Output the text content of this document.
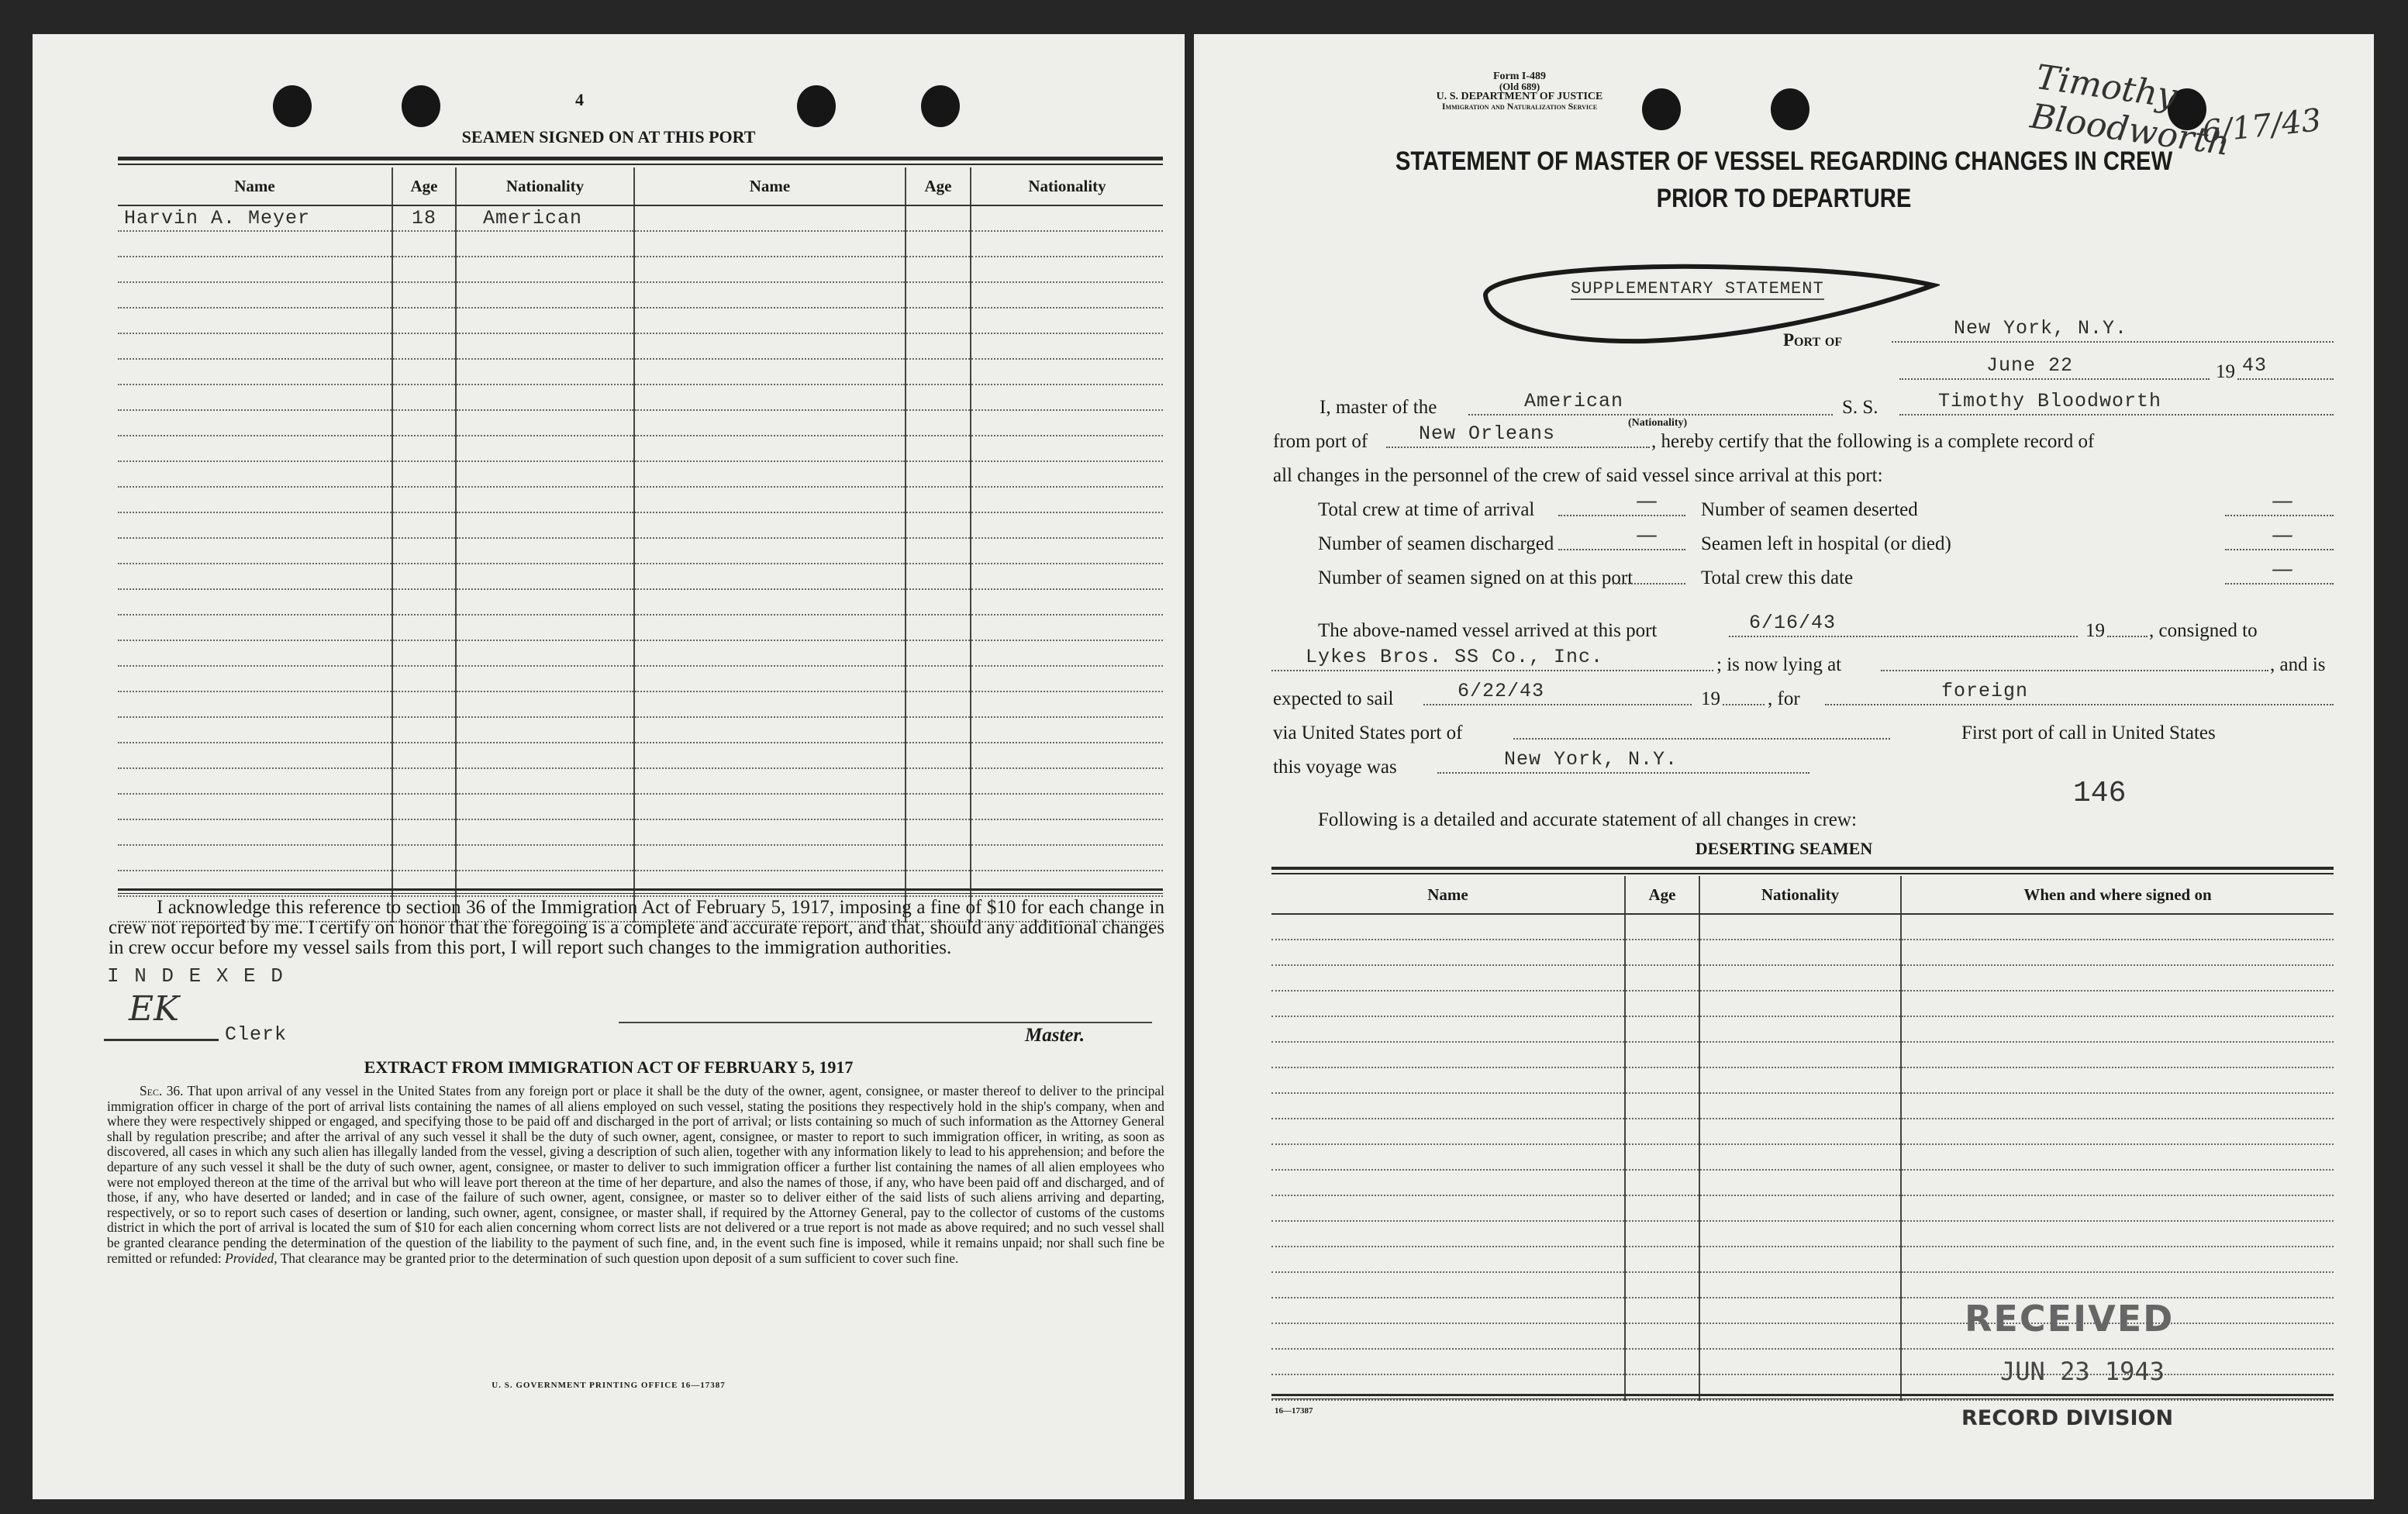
4
SEAMEN SIGNED ON AT THIS PORT
Name	Age	Nationality	Name	Age	Nationality
Harvin A. Meyer	18	American			

I acknowledge this reference to section 36 of the Immigration Act of February 5, 1917, imposing a fine of $10 for each change in crew not reported by me. I certify on honor that the foregoing is a complete and accurate report, and that, should any additional changes in crew occur before my vessel sails from this port, I will report such changes to the immigration authorities.
I N D E X E D
EK
Clerk	Master.
EXTRACT FROM IMMIGRATION ACT OF FEBRUARY 5, 1917
Sec. 36. That upon arrival of any vessel in the United States from any foreign port or place it shall be the duty of the owner, agent, consignee, or master thereof to deliver to the principal immigration officer in charge of the port of arrival lists containing the names of all aliens employed on such vessel, stating the positions they respectively hold in the ship's company, when and where they were respectively shipped or engaged, and specifying those to be paid off and discharged in the port of arrival; or lists containing so much of such information as the Attorney General shall by regulation prescribe; and after the arrival of any such vessel it shall be the duty of such owner, agent, consignee, or master to report to such immigration officer, in writing, as soon as discovered, all cases in which any such alien has illegally landed from the vessel, giving a description of such alien, together with any information likely to lead to his apprehension; and before the departure of any such vessel it shall be the duty of such owner, agent, consignee, or master to deliver to such immigration officer a further list containing the names of all alien employees who were not employed thereon at the time of the arrival but who will leave port thereon at the time of her departure, and also the names of those, if any, who have been paid off and discharged, and of those, if any, who have deserted or landed; and in case of the failure of such owner, agent, consignee, or master so to deliver either of the said lists of such aliens arriving and departing, respectively, or so to report such cases of desertion or landing, such owner, agent, consignee, or master shall, if required by the Attorney General, pay to the collector of customs of the customs district in which the port of arrival is located the sum of $10 for each alien concerning whom correct lists are not delivered or a true report is not made as above required; and no such vessel shall be granted clearance pending the determination of the question of the liability to the payment of such fine, and, in the event such fine is imposed, while it remains unpaid; nor shall such fine be remitted or refunded: Provided, That clearance may be granted prior to the determination of such question upon deposit of a sum sufficient to cover such fine.
U. S. GOVERNMENT PRINTING OFFICE 16—17387
Form I-489
(Old 689)
U. S. DEPARTMENT OF JUSTICE
Immigration and Naturalization Service	Timothy Bloodworth
6/17/43
STATEMENT OF MASTER OF VESSEL REGARDING CHANGES IN CREW
PRIOR TO DEPARTURE
SUPPLEMENTARY STATEMENT
Port of
New York, N.Y.
June 22	19 43
I, master of the	American
(Nationality)
S. S.	Timothy Bloodworth
from port of	New Orleans	, hereby certify that the following is a complete record of
all changes in the personnel of the crew of said vessel since arrival at this port:
Total crew at time of arrival	—
Number of seamen discharged	—
Number of seamen signed on at this port
Number of seamen deserted	—
Seamen left in hospital (or died)	—
Total crew this date	—
The above-named vessel arrived at this port	6/16/43	19 , consigned to
Lykes Bros. SS Co., Inc.	; is now lying at	, and is
expected to sail	6/22/43	19 , for	foreign
via United States port of	First port of call in United States
this voyage was	New York, N.Y.
146
Following is a detailed and accurate statement of all changes in crew:
DESERTING SEAMEN
Name	Age	Nationality	When and where signed on

16—17387
RECEIVED
JUN 23 1943
RECORD DIVISION
